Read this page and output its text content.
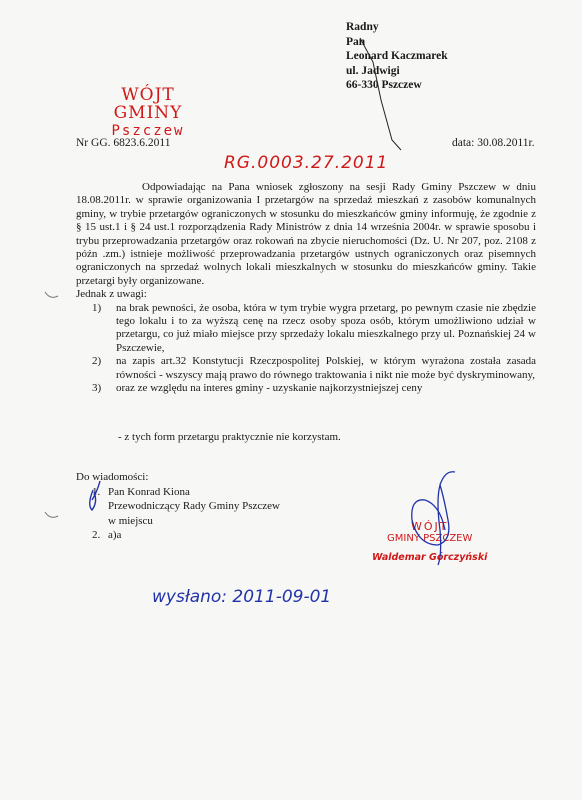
WÓJT GMINY
Pszczew
Radny
Pan
Leonard Kaczmarek
ul. Jadwigi
66-330 Pszczew
Nr GG. 6823.6.2011	data: 30.08.2011r.
RG.0003.27.2011

Odpowiadając na Pana wniosek zgłoszony na sesji Rady Gminy Pszczew w dniu 18.08.2011r. w sprawie organizowania I przetargów na sprzedaż mieszkań z zasobów komunalnych gminy, w trybie przetargów ograniczonych w stosunku do mieszkańców gminy informuję, że zgodnie z § 15 ust.1 i § 24 ust.1 rozporządzenia Rady Ministrów z dnia 14 września 2004r. w sprawie sposobu i trybu przeprowadzania przetargów oraz rokowań na zbycie nieruchomości (Dz. U. Nr 207, poz. 2108 z późn .zm.) istnieje możliwość przeprowadzania przetargów ustnych ograniczonych oraz pisemnych ograniczonych na sprzedaż wolnych lokali mieszkalnych w stosunku do mieszkańców gminy. Takie przetargi były organizowane.

Jednak z uwagi:

1) na brak pewności, że osoba, która w tym trybie wygra przetarg, po pewnym czasie nie zbędzie tego lokalu i to za wyższą cenę na rzecz osoby spoza osób, którym umożliwiono udział w przetargu, co już miało miejsce przy sprzedaży lokalu mieszkalnego przy ul. Poznańskiej 24 w Pszczewie,
2) na zapis art.32 Konstytucji Rzeczpospolitej Polskiej, w którym wyrażona została zasada równości - wszyscy mają prawo do równego traktowania i nikt nie może być dyskryminowany,
3) oraz ze względu na interes gminy - uzyskanie najkorzystniejszej ceny
- z tych form przetargu praktycznie nie korzystam.
Do wiadomości:
1. Pan Konrad Kiona
Przewodniczący Rady Gminy Pszczew
w miejscu
2. a)a
WÓJT
GMINY PSZCZEW
Waldemar Górczyński
wysłano: 2011-09-01
